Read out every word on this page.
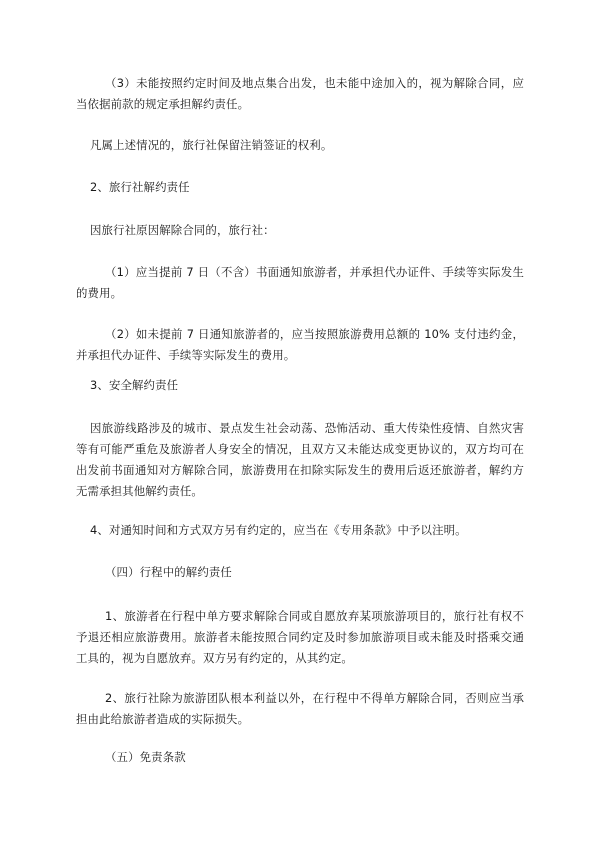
（3）未能按照约定时间及地点集合出发，也未能中途加入的，视为解除合同，应当依据前款的规定承担解约责任。

凡属上述情况的，旅行社保留注销签证的权利。

2、旅行社解约责任

因旅行社原因解除合同的，旅行社：

（1）应当提前 7 日（不含）书面通知旅游者，并承担代办证件、手续等实际发生的费用。

（2）如未提前 7 日通知旅游者的，应当按照旅游费用总额的 10% 支付违约金，并承担代办证件、手续等实际发生的费用。

3、安全解约责任

因旅游线路涉及的城市、景点发生社会动荡、恐怖活动、重大传染性疫情、自然灾害等有可能严重危及旅游者人身安全的情况，且双方又未能达成变更协议的，双方均可在出发前书面通知对方解除合同，旅游费用在扣除实际发生的费用后返还旅游者，解约方无需承担其他解约责任。

4、对通知时间和方式双方另有约定的，应当在《专用条款》中予以注明。

（四）行程中的解约责任

1、旅游者在行程中单方要求解除合同或自愿放弃某项旅游项目的，旅行社有权不予退还相应旅游费用。旅游者未能按照合同约定及时参加旅游项目或未能及时搭乘交通工具的，视为自愿放弃。双方另有约定的，从其约定。

2、旅行社除为旅游团队根本利益以外，在行程中不得单方解除合同，否则应当承担由此给旅游者造成的实际损失。

（五）免责条款
